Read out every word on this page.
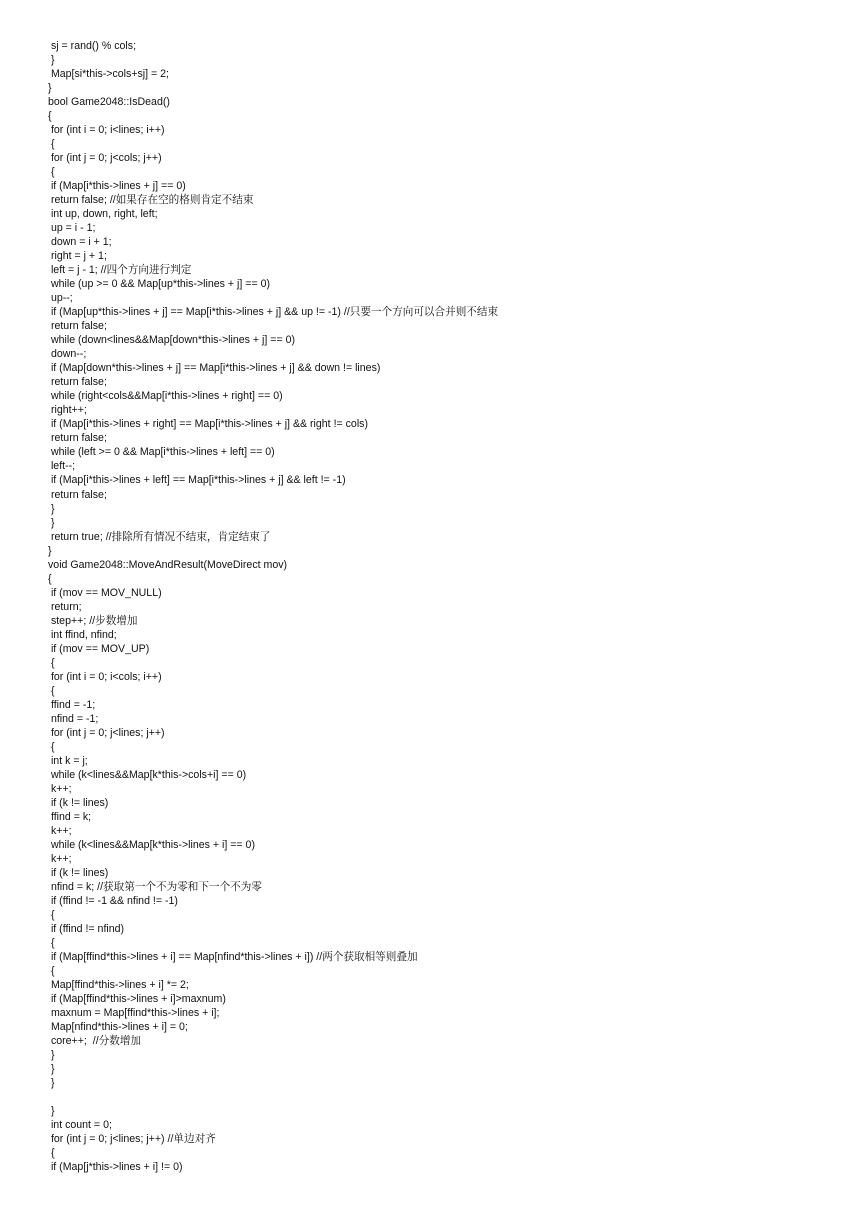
sj = rand() % cols;
}
Map[si*this->cols+sj] = 2;
}
bool Game2048::IsDead()
{
for (int i = 0; i<lines; i++)
{
for (int j = 0; j<cols; j++)
{
if (Map[i*this->lines + j] == 0)
return false; //如果存在空的格则肯定不结束
int up, down, right, left;
up = i - 1;
down = i + 1;
right = j + 1;
left = j - 1; //四个方向进行判定
while (up >= 0 && Map[up*this->lines + j] == 0)
up--;
if (Map[up*this->lines + j] == Map[i*this->lines + j] && up != -1) //只要一个方向可以合并则不结束
return false;
while (down<lines&&Map[down*this->lines + j] == 0)
down--;
if (Map[down*this->lines + j] == Map[i*this->lines + j] && down != lines)
return false;
while (right<cols&&Map[i*this->lines + right] == 0)
right++;
if (Map[i*this->lines + right] == Map[i*this->lines + j] && right != cols)
return false;
while (left >= 0 && Map[i*this->lines + left] == 0)
left--;
if (Map[i*this->lines + left] == Map[i*this->lines + j] && left != -1)
return false;
}
}
return true; //排除所有情况不结束，肯定结束了
}
void Game2048::MoveAndResult(MoveDirect mov)
{
if (mov == MOV_NULL)
return;
step++; //步数增加
int ffind, nfind;
if (mov == MOV_UP)
{
for (int i = 0; i<cols; i++)
{
ffind = -1;
nfind = -1;
for (int j = 0; j<lines; j++)
{
int k = j;
while (k<lines&&Map[k*this->cols+i] == 0)
k++;
if (k != lines)
ffind = k;
k++;
while (k<lines&&Map[k*this->lines + i] == 0)
k++;
if (k != lines)
nfind = k; //获取第一个不为零和下一个不为零
if (ffind != -1 && nfind != -1)
{
if (ffind != nfind)
{
if (Map[ffind*this->lines + i] == Map[nfind*this->lines + i]) //两个获取相等则叠加
{
Map[ffind*this->lines + i] *= 2;
if (Map[ffind*this->lines + i]>maxnum)
maxnum = Map[ffind*this->lines + i];
Map[nfind*this->lines + i] = 0;
core++;  //分数增加
}
}
}
}
int count = 0;
for (int j = 0; j<lines; j++) //单边对齐
{
if (Map[j*this->lines + i] != 0)
